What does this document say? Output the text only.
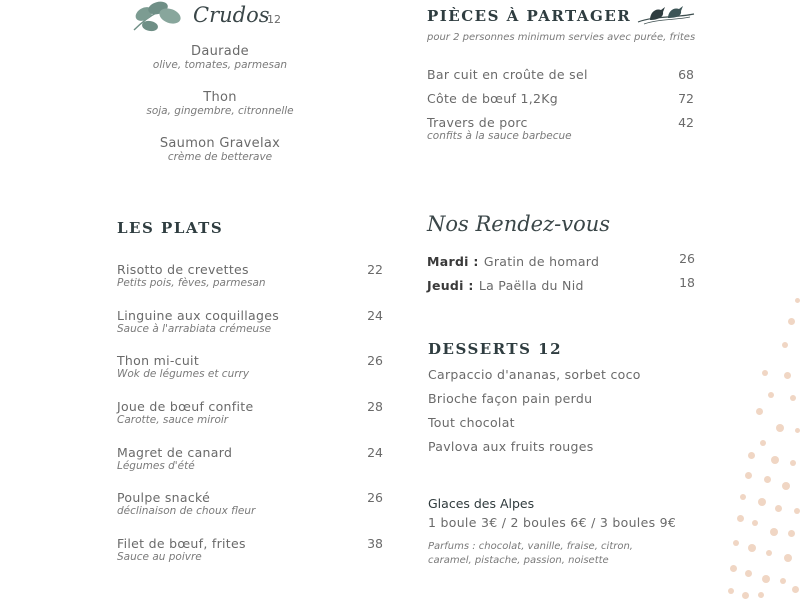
Crudos
12
Daurade
olive, tomates, parmesan
Thon
soja, gingembre, citronnelle
Saumon Gravelax
crème de betterave
LES PLATS
Risotto de crevettes
Petits pois, fèves, parmesan
22
Linguine aux coquillages
Sauce à l'arrabiata crémeuse
24
Thon mi-cuit
Wok de légumes et curry
26
Joue de bœuf confite
Carotte, sauce miroir
28
Magret de canard
Légumes d'été
24
Poulpe snacké
déclinaison de choux fleur
26
Filet de bœuf, frites
Sauce au poivre
38
PIÈCES À PARTAGER
pour 2 personnes minimum servies avec purée, frites
Bar cuit en croûte de sel	68
Côte de bœuf 1,2Kg	72
Travers de porc
confits à la sauce barbecue
42
Nos Rendez-vous
Mardi : Gratin de homard	26
Jeudi : La Paëlla du Nid	18
DESSERTS 12
Carpaccio d'ananas, sorbet coco
Brioche façon pain perdu
Tout chocolat
Pavlova aux fruits rouges
Glaces des Alpes
1 boule 3€ / 2 boules 6€ / 3 boules 9€
Parfums : chocolat, vanille, fraise, citron,
caramel, pistache, passion, noisette
